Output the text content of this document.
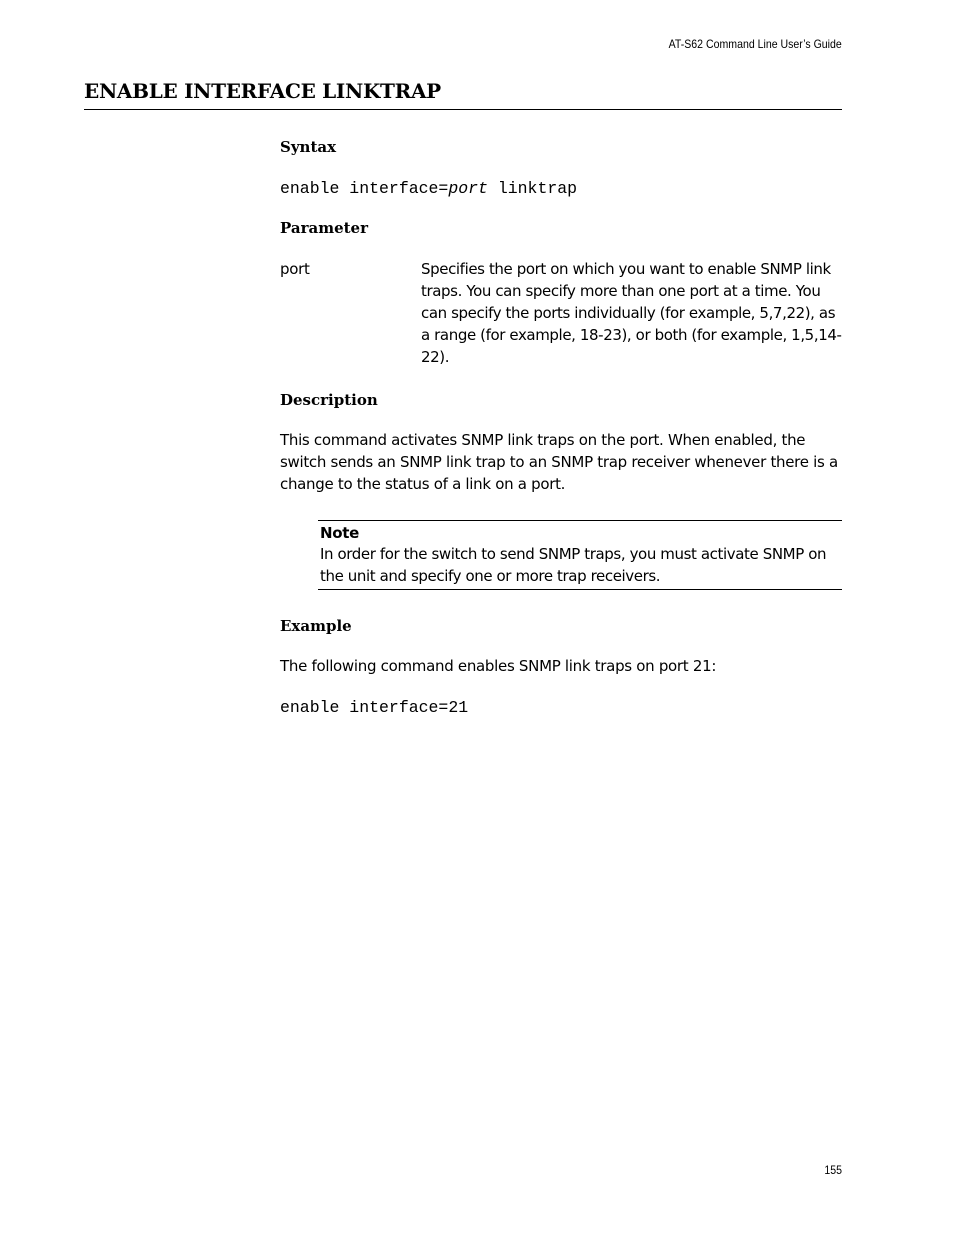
AT-S62 Command Line User’s Guide
ENABLE INTERFACE LINKTRAP
Syntax
enable interface=port linktrap
Parameter
port	Specifies the port on which you want to enable SNMP link traps. You can specify more than one port at a time. You can specify the ports individually (for example, 5,7,22), as a range (for example, 18-23), or both (for example, 1,5,14-22).

Description

This command activates SNMP link traps on the port. When enabled, the switch sends an SNMP link trap to an SNMP trap receiver whenever there is a change to the status of a link on a port.

Note

In order for the switch to send SNMP traps, you must activate SNMP on the unit and specify one or more trap receivers.

Example

The following command enables SNMP link traps on port 21:

enable interface=21
155
